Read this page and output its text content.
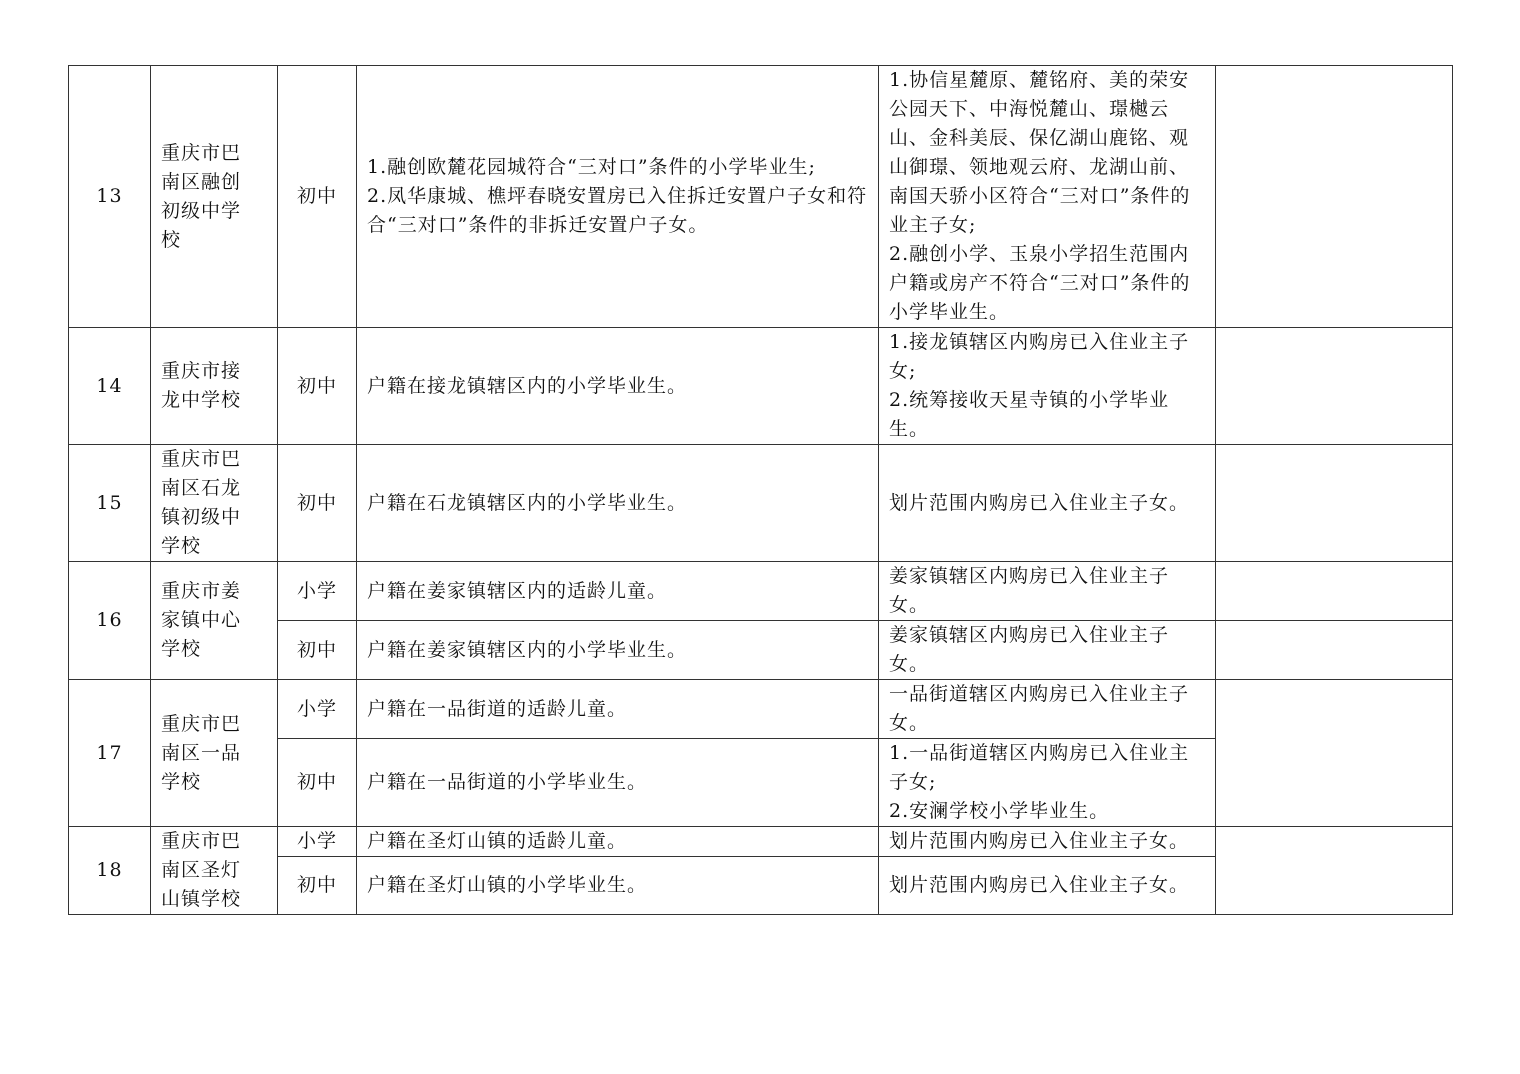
13	重庆市巴
南区融创
初级中学
校	初中	1.融创欧麓花园城符合“三对口”条件的小学毕业生;
2.凤华康城、樵坪春晓安置房已入住拆迁安置户子女和符合“三对口”条件的非拆迁安置户子女。	1.协信星麓原、麓铭府、美的荣安公园天下、中海悦麓山、璟樾云山、金科美辰、保亿湖山鹿铭、观山御璟、领地观云府、龙湖山前、南国天骄小区符合“三对口”条件的业主子女;
2.融创小学、玉泉小学招生范围内户籍或房产不符合“三对口”条件的小学毕业生。	
14	重庆市接
龙中学校	初中	户籍在接龙镇辖区内的小学毕业生。	1.接龙镇辖区内购房已入住业主子女;
2.统筹接收天星寺镇的小学毕业生。	
15	重庆市巴
南区石龙
镇初级中
学校	初中	户籍在石龙镇辖区内的小学毕业生。	划片范围内购房已入住业主子女。	
16	重庆市姜
家镇中心
学校	小学	户籍在姜家镇辖区内的适龄儿童。	姜家镇辖区内购房已入住业主子女。	
		初中	户籍在姜家镇辖区内的小学毕业生。	姜家镇辖区内购房已入住业主子女。	
17	重庆市巴
南区一品
学校	小学	户籍在一品街道的适龄儿童。	一品街道辖区内购房已入住业主子女。	
		初中	户籍在一品街道的小学毕业生。	1.一品街道辖区内购房已入住业主子女;
2.安澜学校小学毕业生。	
18	重庆市巴
南区圣灯
山镇学校	小学	户籍在圣灯山镇的适龄儿童。	划片范围内购房已入住业主子女。	
		初中	户籍在圣灯山镇的小学毕业生。	划片范围内购房已入住业主子女。	
